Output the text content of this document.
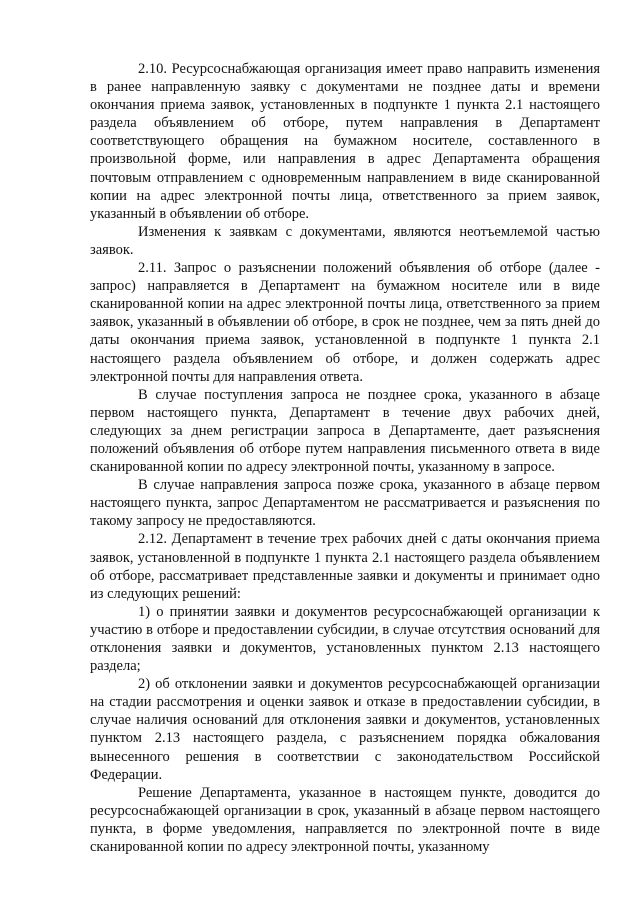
2.10. Ресурсоснабжающая организация имеет право направить изменения в ранее направленную заявку с документами не позднее даты и времени окончания приема заявок, установленных в подпункте 1 пункта 2.1 настоящего раздела объявлением об отборе, путем направления в Департамент соответствующего обращения на бумажном носителе, составленного в произвольной форме, или направления в адрес Департамента обращения почтовым отправлением с одновременным направлением в виде сканированной копии на адрес электронной почты лица, ответственного за прием заявок, указанный в объявлении об отборе.

Изменения к заявкам с документами, являются неотъемлемой частью заявок.

2.11. Запрос о разъяснении положений объявления об отборе (далее - запрос) направляется в Департамент на бумажном носителе или в виде сканированной копии на адрес электронной почты лица, ответственного за прием заявок, указанный в объявлении об отборе, в срок не позднее, чем за пять дней до даты окончания приема заявок, установленной в подпункте 1 пункта 2.1 настоящего раздела объявлением об отборе, и должен содержать адрес электронной почты для направления ответа.

В случае поступления запроса не позднее срока, указанного в абзаце первом настоящего пункта, Департамент в течение двух рабочих дней, следующих за днем регистрации запроса в Департаменте, дает разъяснения положений объявления об отборе путем направления письменного ответа в виде сканированной копии по адресу электронной почты, указанному в запросе.

В случае направления запроса позже срока, указанного в абзаце первом настоящего пункта, запрос Департаментом не рассматривается и разъяснения по такому запросу не предоставляются.

2.12. Департамент в течение трех рабочих дней с даты окончания приема заявок, установленной в подпункте 1 пункта 2.1 настоящего раздела объявлением об отборе, рассматривает представленные заявки и документы и принимает одно из следующих решений:

1) о принятии заявки и документов ресурсоснабжающей организации к участию в отборе и предоставлении субсидии, в случае отсутствия оснований для отклонения заявки и документов, установленных пунктом 2.13 настоящего раздела;

2) об отклонении заявки и документов ресурсоснабжающей организации на стадии рассмотрения и оценки заявок и отказе в предоставлении субсидии, в случае наличия оснований для отклонения заявки и документов, установленных пунктом 2.13 настоящего раздела, с разъяснением порядка обжалования вынесенного решения в соответствии с законодательством Российской Федерации.

Решение Департамента, указанное в настоящем пункте, доводится до ресурсоснабжающей организации в срок, указанный в абзаце первом настоящего пункта, в форме уведомления, направляется по электронной почте в виде сканированной копии по адресу электронной почты, указанному
